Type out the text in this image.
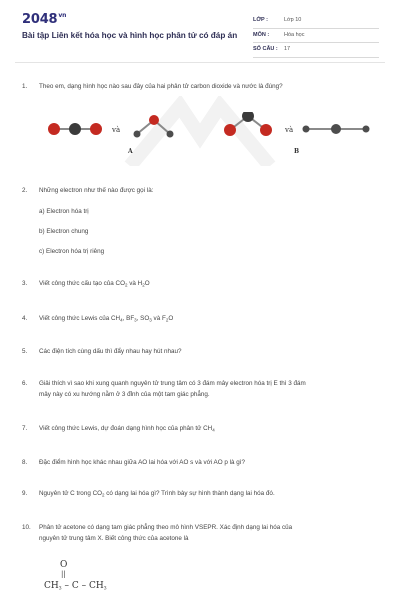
$2048^{vn}$
Bài tập Liên kết hóa học và hình học phân tử có đáp án
LỚP :	Lớp 10
MÔN :	Hóa học
SỐ CÂU : 17
1. Theo em, dạng hình học nào sau đây của hai phân tử carbon dioxide và nước là đúng?
và	và
A	B
2. Những electron như thế nào được gọi là:
a) Electron hóa trị
b) Electron chung
c) Electron hóa trị riêng
3. Viết công thức cấu tạo của $CO_2$ và $H_2O$
4. Viết công thức Lewis của $CH_4$, $BF_3$, $SO_3$ và $F_2O$
5. Các điện tích cùng dấu thì đẩy nhau hay hút nhau?
6. Giải thích vì sao khi xung quanh nguyên tử trung tâm có 3 đám mây electron hóa trị E thì 3 đám
mây này có xu hướng nằm ở 3 đỉnh của một tam giác phẳng.
7. Viết công thức Lewis, dự đoán dạng hình học của phân tử $CH_4$
8. Đặc điểm hình học khác nhau giữa AO lai hóa với AO s và với AO p là gì?
9. Nguyên tử C trong $CO_2$ có dạng lai hóa gì? Trình bày sự hình thành dạng lai hóa đó.
10. Phân tử acetone có dạng tam giác phẳng theo mô hình VSEPR. Xác định dạng lai hóa của
nguyên tử trung tâm X. Biết công thức của acetone là
O
||
$CH_3$ – C – $CH_3$
